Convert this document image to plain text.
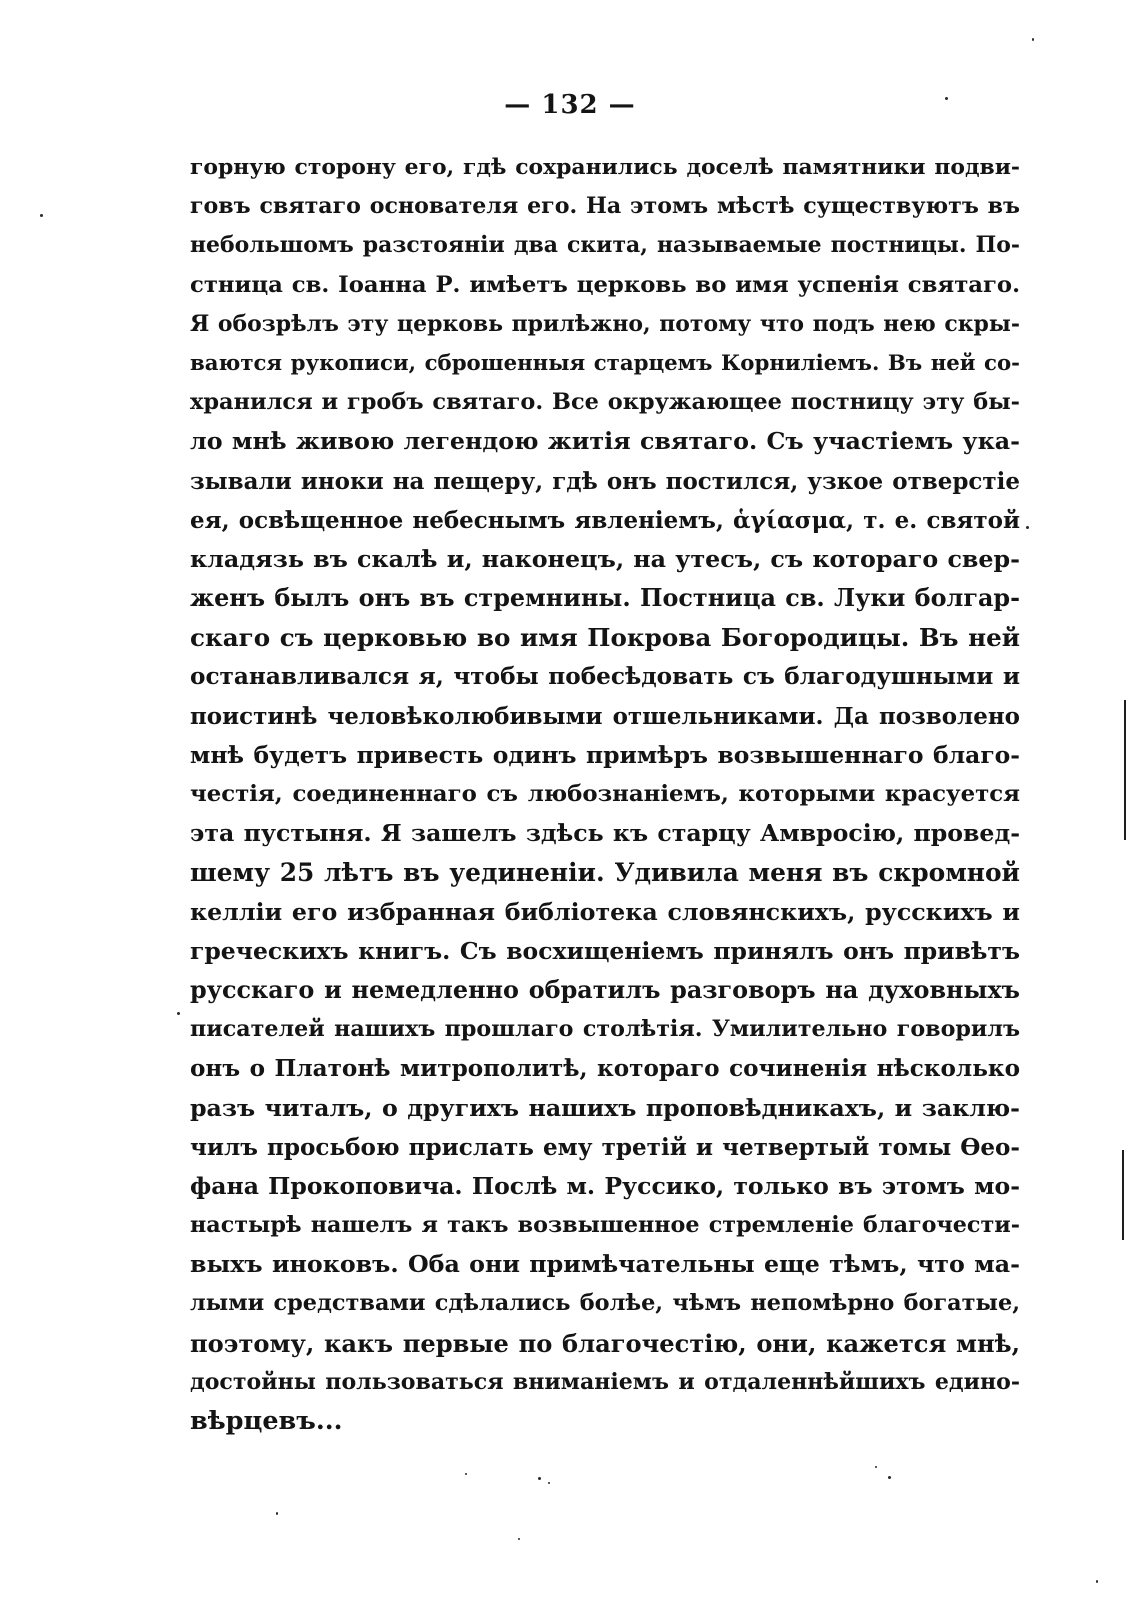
— 132 —
горную сторону его, гдѣ сохранились доселѣ памятники подви-
говъ святаго основателя его. На этомъ мѣстѣ существуютъ въ
небольшомъ разстояніи два скита, называемые постницы. По-
стница св. Іоанна Р. имѣетъ церковь во имя успенія святаго.
Я обозрѣлъ эту церковь прилѣжно, потому что подъ нею скры-
ваются рукописи, сброшенныя старцемъ Корниліемъ. Въ ней со-
хранился и гробъ святаго. Все окружающее постницу эту бы-
ло мнѣ живою легендою житія святаго. Съ участіемъ ука-
зывали иноки на пещеру, гдѣ онъ постился, узкое отверстіе
ея, освѣщенное небеснымъ явленіемъ, ἁγίασμα, т. е. святой
кладязь въ скалѣ и, наконецъ, на утесъ, съ котораго свер-
женъ былъ онъ въ стремнины. Постница св. Луки болгар-
скаго съ церковью во имя Покрова Богородицы. Въ ней
останавливался я, чтобы побесѣдовать съ благодушными и
поистинѣ человѣколюбивыми отшельниками. Да позволено
мнѣ будетъ привесть одинъ примѣръ возвышеннаго благо-
честія, соединеннаго съ любознаніемъ, которыми красуется
эта пустыня. Я зашелъ здѣсь къ старцу Амвросію, провед-
шему 25 лѣтъ въ уединеніи. Удивила меня въ скромной
келліи его избранная библіотека словянскихъ, русскихъ и
греческихъ книгъ. Съ восхищеніемъ принялъ онъ привѣтъ
русскаго и немедленно обратилъ разговоръ на духовныхъ
писателей нашихъ прошлаго столѣтія. Умилительно говорилъ
онъ о Платонѣ митрополитѣ, котораго сочиненія нѣсколько
разъ читалъ, о другихъ нашихъ проповѣдникахъ, и заклю-
чилъ просьбою прислать ему третій и четвертый томы Ѳео-
фана Прокоповича. Послѣ м. Руссико, только въ этомъ мо-
настырѣ нашелъ я такъ возвышенное стремленіе благочести-
выхъ иноковъ. Оба они примѣчательны еще тѣмъ, что ма-
лыми средствами сдѣлались болѣе, чѣмъ непомѣрно богатые,
поэтому, какъ первые по благочестію, они, кажется мнѣ,
достойны пользоваться вниманіемъ и отдаленнѣйшихъ едино-
вѣрцевъ...
